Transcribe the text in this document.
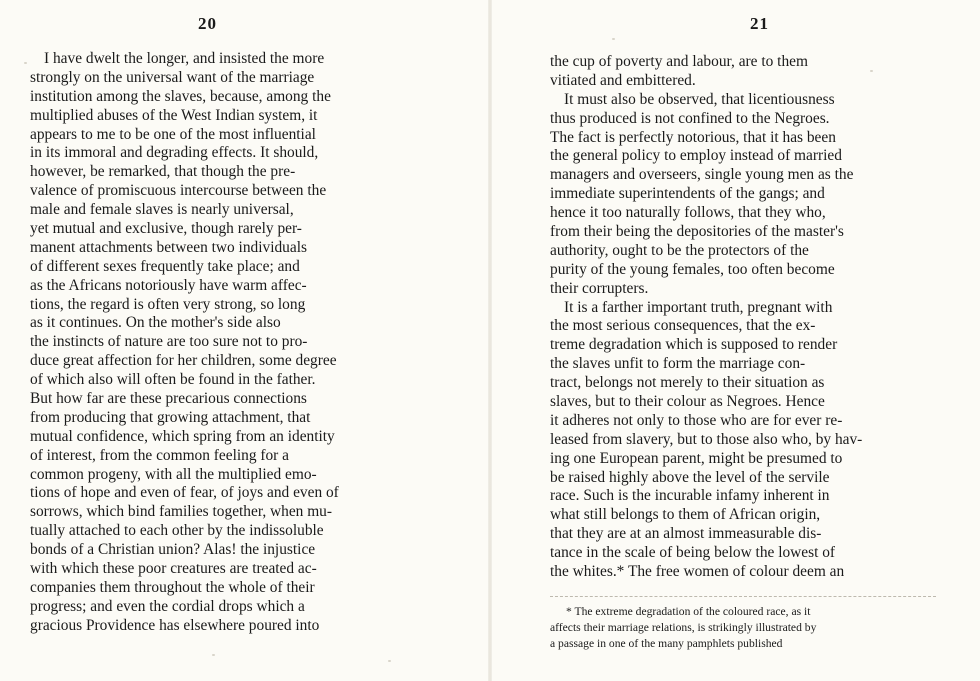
20
I have dwelt the longer, and insisted the more
strongly on the universal want of the marriage
institution among the slaves, because, among the
multiplied abuses of the West Indian system, it
appears to me to be one of the most influential
in its immoral and degrading effects. It should,
however, be remarked, that though the pre-
valence of promiscuous intercourse between the
male and female slaves is nearly universal,
yet mutual and exclusive, though rarely per-
manent attachments between two individuals
of different sexes frequently take place; and
as the Africans notoriously have warm affec-
tions, the regard is often very strong, so long
as it continues. On the mother's side also
the instincts of nature are too sure not to pro-
duce great affection for her children, some degree
of which also will often be found in the father.
But how far are these precarious connections
from producing that growing attachment, that
mutual confidence, which spring from an identity
of interest, from the common feeling for a
common progeny, with all the multiplied emo-
tions of hope and even of fear, of joys and even of
sorrows, which bind families together, when mu-
tually attached to each other by the indissoluble
bonds of a Christian union? Alas! the injustice
with which these poor creatures are treated ac-
companies them throughout the whole of their
progress; and even the cordial drops which a
gracious Providence has elsewhere poured into
21
the cup of poverty and labour, are to them
vitiated and embittered.
It must also be observed, that licentiousness
thus produced is not confined to the Negroes.
The fact is perfectly notorious, that it has been
the general policy to employ instead of married
managers and overseers, single young men as the
immediate superintendents of the gangs; and
hence it too naturally follows, that they who,
from their being the depositories of the master's
authority, ought to be the protectors of the
purity of the young females, too often become
their corrupters.
It is a farther important truth, pregnant with
the most serious consequences, that the ex-
treme degradation which is supposed to render
the slaves unfit to form the marriage con-
tract, belongs not merely to their situation as
slaves, but to their colour as Negroes. Hence
it adheres not only to those who are for ever re-
leased from slavery, but to those also who, by hav-
ing one European parent, might be presumed to
be raised highly above the level of the servile
race. Such is the incurable infamy inherent in
what still belongs to them of African origin,
that they are at an almost immeasurable dis-
tance in the scale of being below the lowest of
the whites.* The free women of colour deem an
* The extreme degradation of the coloured race, as it
affects their marriage relations, is strikingly illustrated by
a passage in one of the many pamphlets published
